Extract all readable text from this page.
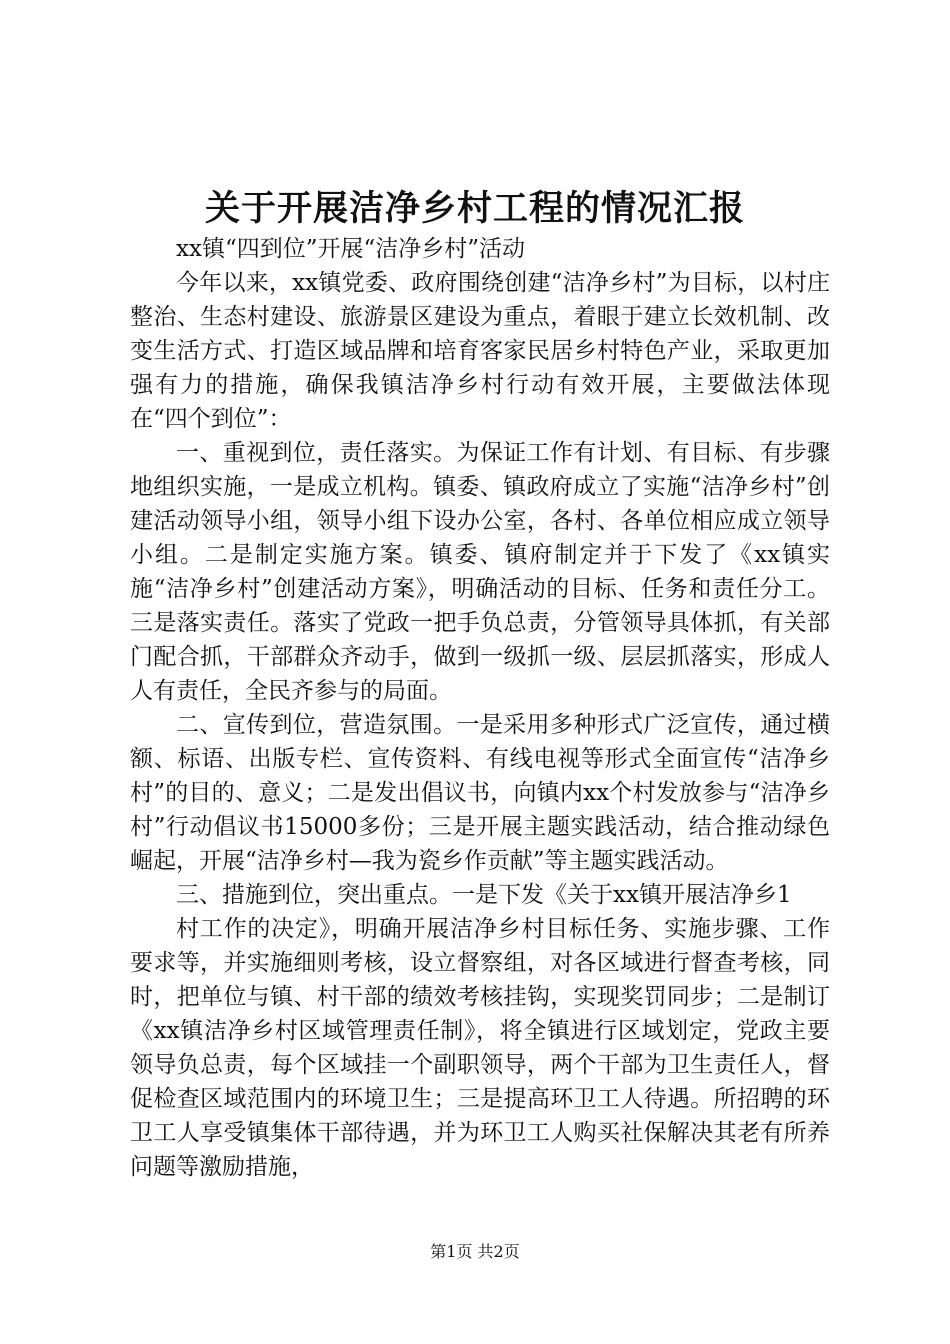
关于开展洁净乡村工程的情况汇报

xx镇“四到位”开展“洁净乡村”活动

今年以来，xx镇党委、政府围绕创建“洁净乡村”为目标，以村庄整治、生态村建设、旅游景区建设为重点，着眼于建立长效机制、改变生活方式、打造区域品牌和培育客家民居乡村特色产业，采取更加强有力的措施，确保我镇洁净乡村行动有效开展，主要做法体现在“四个到位”：

一、重视到位，责任落实。为保证工作有计划、有目标、有步骤地组织实施，一是成立机构。镇委、镇政府成立了实施“洁净乡村”创建活动领导小组，领导小组下设办公室，各村、各单位相应成立领导小组。二是制定实施方案。镇委、镇府制定并于下发了《xx镇实施“洁净乡村”创建活动方案》，明确活动的目标、任务和责任分工。三是落实责任。落实了党政一把手负总责，分管领导具体抓，有关部门配合抓，干部群众齐动手，做到一级抓一级、层层抓落实，形成人人有责任，全民齐参与的局面。

二、宣传到位，营造氛围。一是采用多种形式广泛宣传，通过横额、标语、出版专栏、宣传资料、有线电视等形式全面宣传“洁净乡村”的目的、意义；二是发出倡议书，向镇内xx个村发放参与“洁净乡村”行动倡议书15000多份；三是开展主题实践活动，结合推动绿色崛起，开展“洁净乡村—我为瓷乡作贡献”等主题实践活动。

三、措施到位，突出重点。一是下发《关于xx镇开展洁净乡1

村工作的决定》，明确开展洁净乡村目标任务、实施步骤、工作要求等，并实施细则考核，设立督察组，对各区域进行督查考核，同时，把单位与镇、村干部的绩效考核挂钩，实现奖罚同步；二是制订《xx镇洁净乡村区域管理责任制》，将全镇进行区域划定，党政主要领导负总责，每个区域挂一个副职领导，两个干部为卫生责任人，督促检查区域范围内的环境卫生；三是提高环卫工人待遇。所招聘的环卫工人享受镇集体干部待遇，并为环卫工人购买社保解决其老有所养问题等激励措施，

第1页 共2页
